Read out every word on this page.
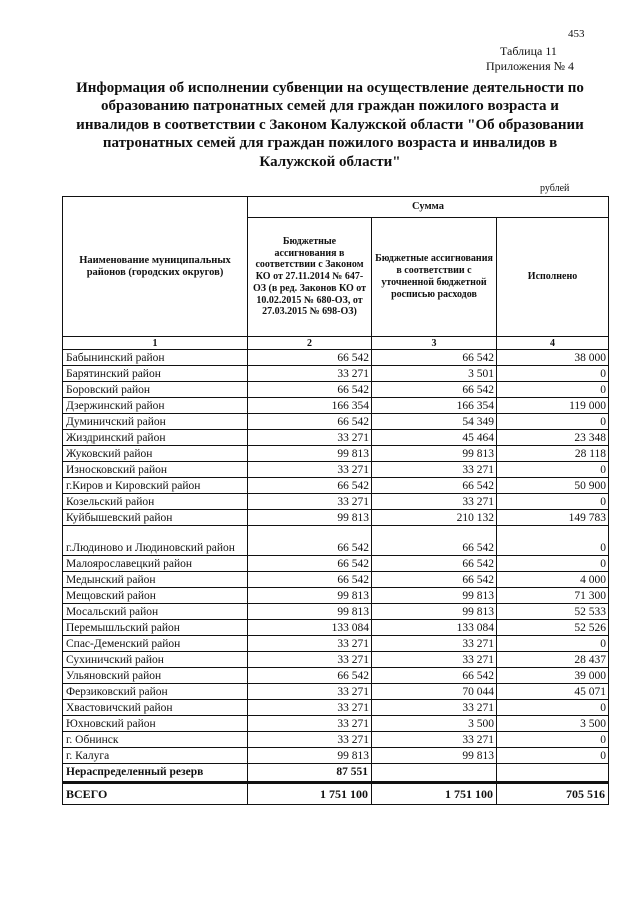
453
Таблица 11
Приложения № 4
Информация об исполнении субвенции на осуществление деятельности по образованию патронатных семей для граждан пожилого возраста и инвалидов в соответствии с Законом Калужской области "Об образовании патронатных семей для граждан пожилого возраста и инвалидов в Калужской области"
рублей
Наименование муниципальных районов (городских округов)	Сумма		
	Бюджетные ассигнования в соответствии с Законом КО от 27.11.2014 № 647-ОЗ (в ред. Законов КО от 10.02.2015 № 680-ОЗ, от 27.03.2015 № 698-ОЗ)	Бюджетные ассигнования в соответствии с уточненной бюджетной росписью расходов	Исполнено
1	2	3	4
Бабынинский район	66 542	66 542	38 000
Барятинский район	33 271	3 501	0
Боровский район	66 542	66 542	0
Дзержинский район	166 354	166 354	119 000
Думиничский район	66 542	54 349	0
Жиздринский район	33 271	45 464	23 348
Жуковский район	99 813	99 813	28 118
Износковский район	33 271	33 271	0
г.Киров и Кировский район	66 542	66 542	50 900
Козельский район	33 271	33 271	0
Куйбышевский район	99 813	210 132	149 783
г.Людиново и Людиновский район	66 542	66 542	0
Малоярославецкий район	66 542	66 542	0
Медынский район	66 542	66 542	4 000
Мещовский район	99 813	99 813	71 300
Мосальский район	99 813	99 813	52 533
Перемышльский район	133 084	133 084	52 526
Спас-Деменский район	33 271	33 271	0
Сухиничский район	33 271	33 271	28 437
Ульяновский район	66 542	66 542	39 000
Ферзиковский район	33 271	70 044	45 071
Хвастовичский район	33 271	33 271	0
Юхновский район	33 271	3 500	3 500
г. Обнинск	33 271	33 271	0
г. Калуга	99 813	99 813	0
Нераспределенный резерв	87 551		
ВСЕГО	1 751 100	1 751 100	705 516
